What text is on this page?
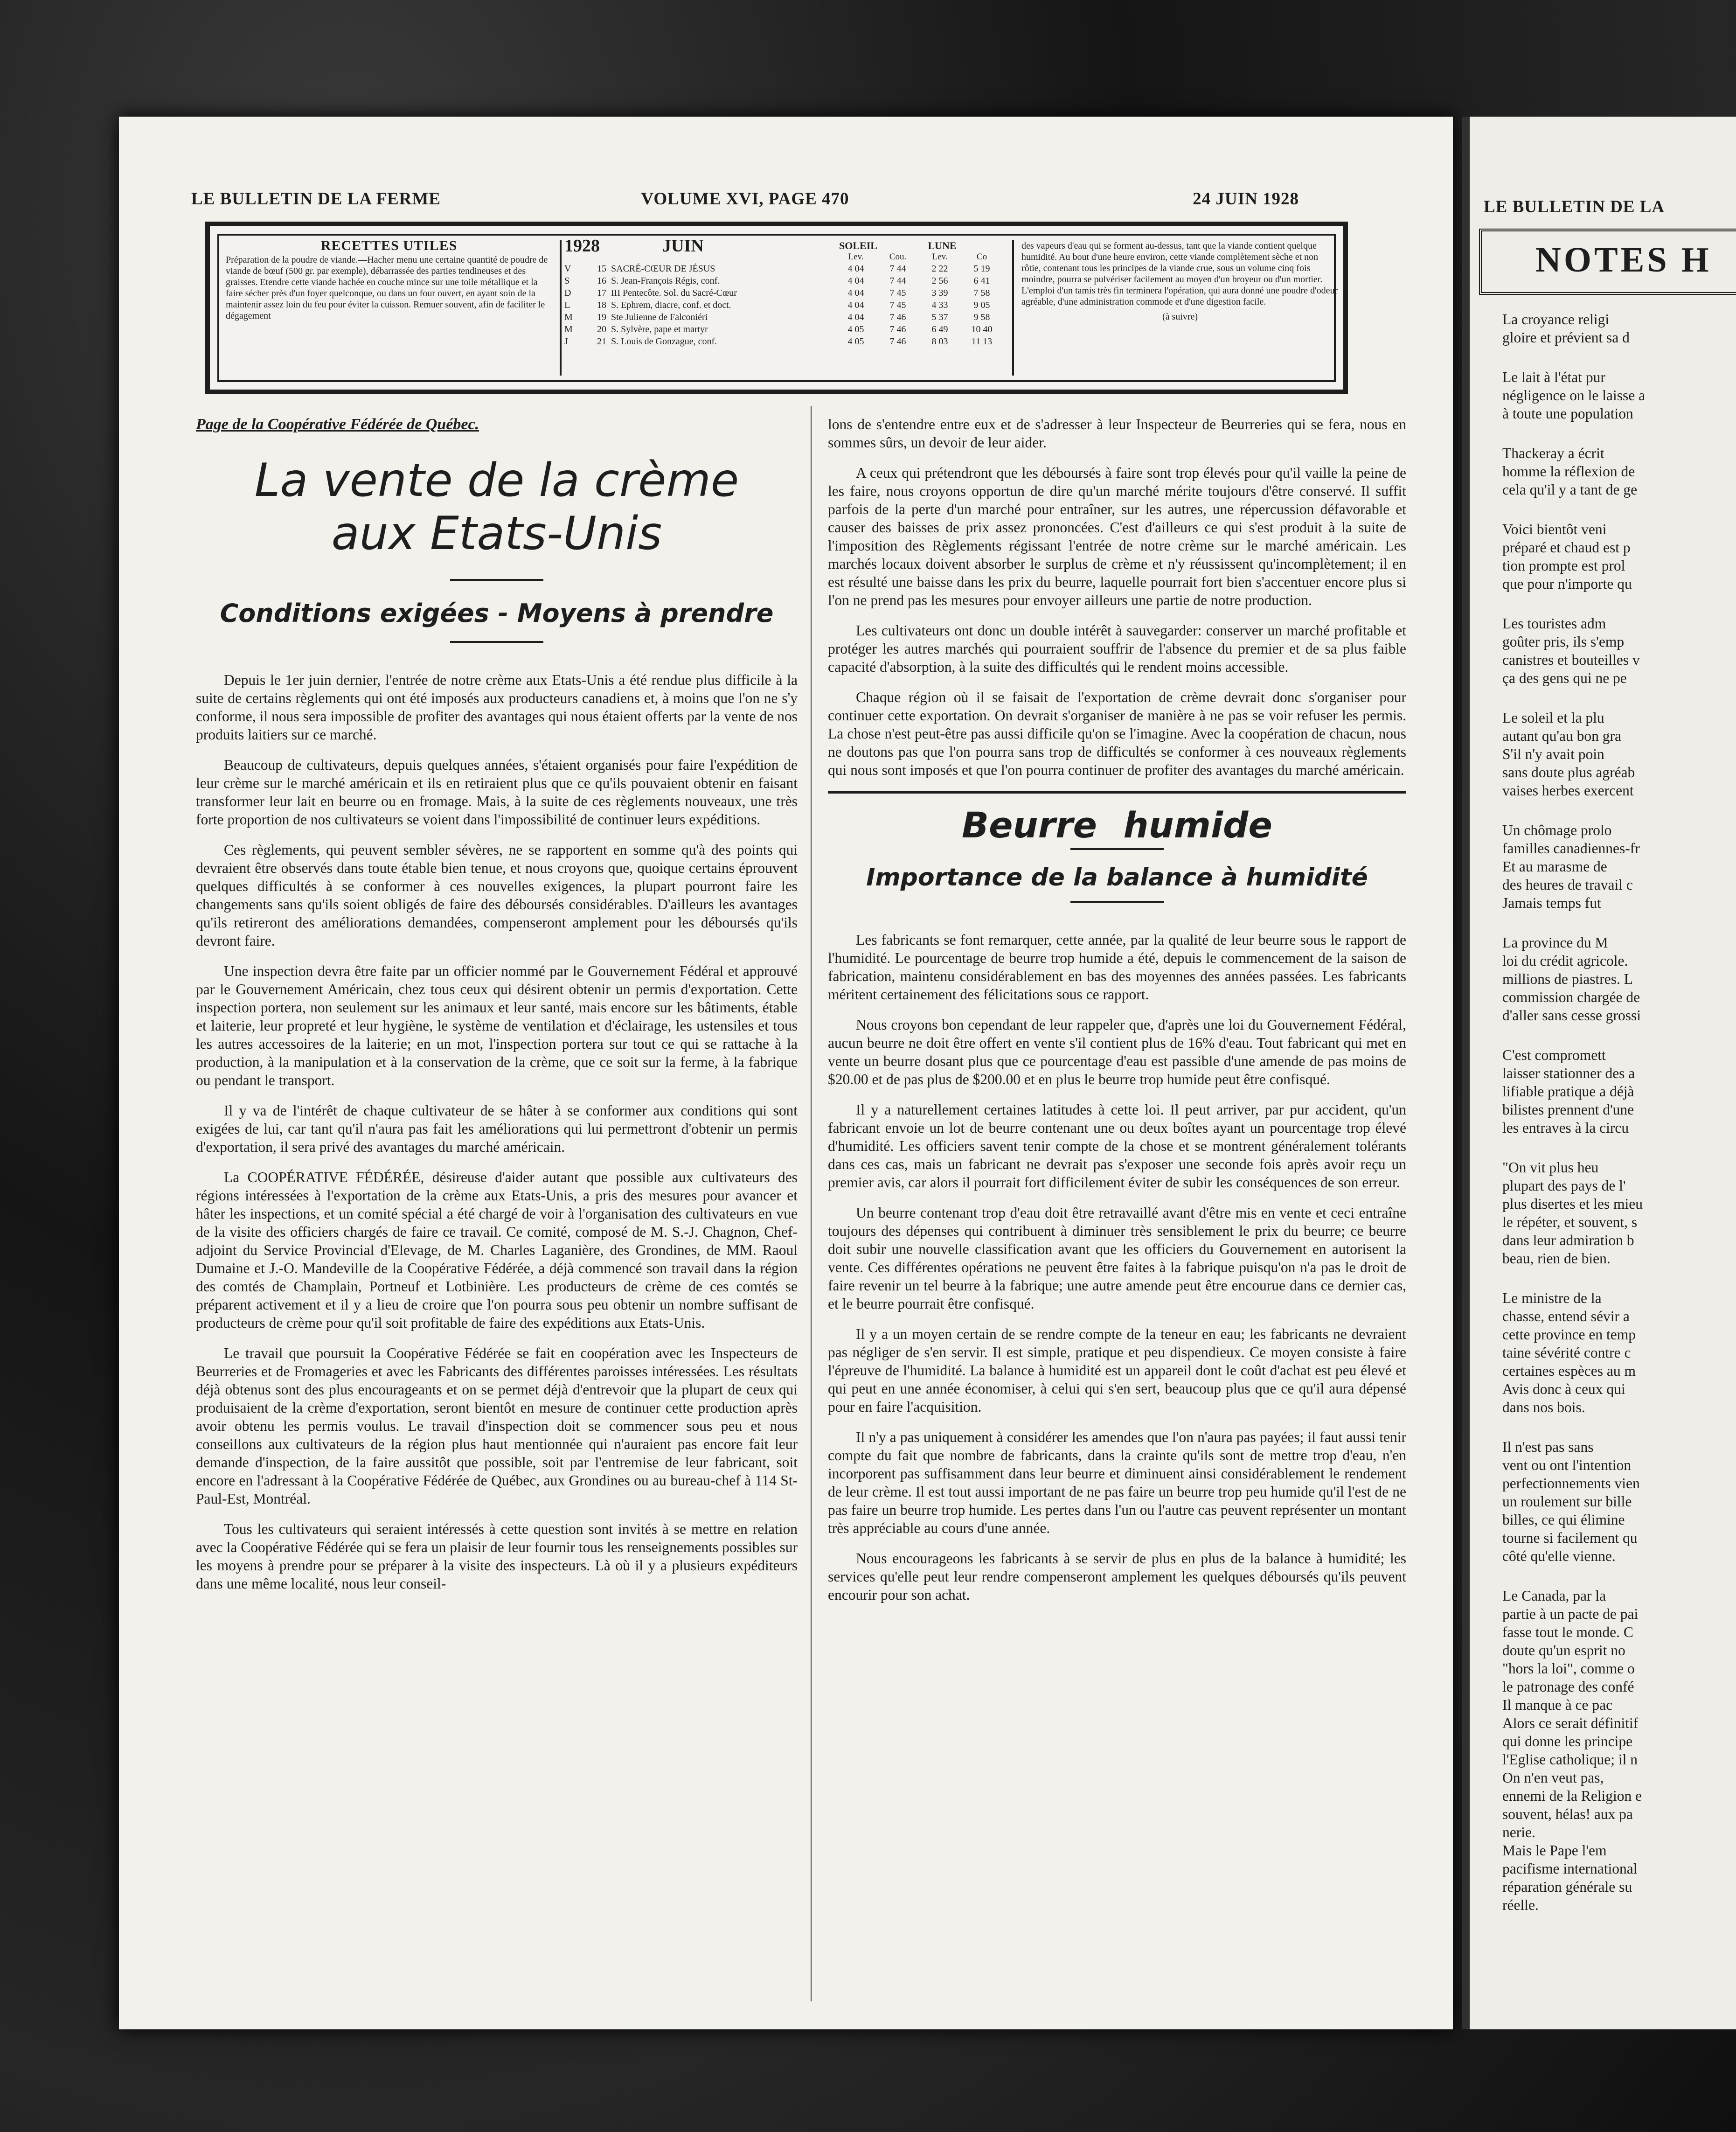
LE BULLETIN DE LA FERME	VOLUME XVI, PAGE 470	24 JUIN 1928
RECETTES UTILES
Préparation de la poudre de viande.—Hacher menu une certaine quantité de poudre de viande de bœuf (500 gr. par exemple), débarrassée des parties tendineuses et des graisses. Etendre cette viande hachée en couche mince sur une toile métallique et la faire sécher près d'un foyer quelconque, ou dans un four ouvert, en ayant soin de la maintenir assez loin du feu pour éviter la cuisson. Remuer souvent, afin de faciliter le dégagement
1928	JUIN	SOLEIL	LUNE
Lev.	Cou.	Lev.	Co
V	15 SACRÉ-CŒUR DE JÉSUS	4 04	7 44	2 22	5 19
S	16 S. Jean-François Régis, conf.	4 04	7 44	2 56	6 41
D	17 III Pentecôte. Sol. du Sacré-Cœur	4 04	7 45	3 39	7 58
L	18 S. Ephrem, diacre, conf. et doct.	4 04	7 45	4 33	9 05
M	19 Ste Julienne de Falconiéri	4 04	7 46	5 37	9 58
M	20 S. Sylvère, pape et martyr	4 05	7 46	6 49	10 40
J	21 S. Louis de Gonzague, conf.	4 05	7 46	8 03	11 13
des vapeurs d'eau qui se forment au-dessus, tant que la viande contient quelque humidité. Au bout d'une heure environ, cette viande complètement sèche et non rôtie, contenant tous les principes de la viande crue, sous un volume cinq fois moindre, pourra se pulvériser facilement au moyen d'un broyeur ou d'un mortier. L'emploi d'un tamis très fin terminera l'opération, qui aura donné une poudre d'odeur agréable, d'une administration commode et d'une digestion facile.
(à suivre)
Page de la Coopérative Fédérée de Québec.
La vente de la crème
aux Etats-Unis
Conditions exigées - Moyens à prendre

Depuis le 1er juin dernier, l'entrée de notre crème aux Etats-Unis a été rendue plus difficile à la suite de certains règlements qui ont été imposés aux producteurs canadiens et, à moins que l'on ne s'y conforme, il nous sera impossible de profiter des avantages qui nous étaient offerts par la vente de nos produits laitiers sur ce marché.

Beaucoup de cultivateurs, depuis quelques années, s'étaient organisés pour faire l'expédition de leur crème sur le marché américain et ils en retiraient plus que ce qu'ils pouvaient obtenir en faisant transformer leur lait en beurre ou en fromage. Mais, à la suite de ces règlements nouveaux, une très forte proportion de nos cultivateurs se voient dans l'impossibilité de continuer leurs expéditions.

Ces règlements, qui peuvent sembler sévères, ne se rapportent en somme qu'à des points qui devraient être observés dans toute étable bien tenue, et nous croyons que, quoique certains éprouvent quelques difficultés à se conformer à ces nouvelles exigences, la plupart pourront faire les changements sans qu'ils soient obligés de faire des déboursés considérables. D'ailleurs les avantages qu'ils retireront des améliorations demandées, compenseront amplement pour les déboursés qu'ils devront faire.

Une inspection devra être faite par un officier nommé par le Gouvernement Fédéral et approuvé par le Gouvernement Américain, chez tous ceux qui désirent obtenir un permis d'exportation. Cette inspection portera, non seulement sur les animaux et leur santé, mais encore sur les bâtiments, étable et laiterie, leur propreté et leur hygiène, le système de ventilation et d'éclairage, les ustensiles et tous les autres accessoires de la laiterie; en un mot, l'inspection portera sur tout ce qui se rattache à la production, à la manipulation et à la conservation de la crème, que ce soit sur la ferme, à la fabrique ou pendant le transport.

Il y va de l'intérêt de chaque cultivateur de se hâter à se conformer aux conditions qui sont exigées de lui, car tant qu'il n'aura pas fait les améliorations qui lui permettront d'obtenir un permis d'exportation, il sera privé des avantages du marché américain.

La COOPÉRATIVE FÉDÉRÉE, désireuse d'aider autant que possible aux cultivateurs des régions intéressées à l'exportation de la crème aux Etats-Unis, a pris des mesures pour avancer et hâter les inspections, et un comité spécial a été chargé de voir à l'organisation des cultivateurs en vue de la visite des officiers chargés de faire ce travail. Ce comité, composé de M. S.-J. Chagnon, Chef-adjoint du Service Provincial d'Elevage, de M. Charles Laganière, des Grondines, de MM. Raoul Dumaine et J.-O. Mandeville de la Coopérative Fédérée, a déjà commencé son travail dans la région des comtés de Champlain, Portneuf et Lotbinière. Les producteurs de crème de ces comtés se préparent activement et il y a lieu de croire que l'on pourra sous peu obtenir un nombre suffisant de producteurs de crème pour qu'il soit profitable de faire des expéditions aux Etats-Unis.

Le travail que poursuit la Coopérative Fédérée se fait en coopération avec les Inspecteurs de Beurreries et de Fromageries et avec les Fabricants des différentes paroisses intéressées. Les résultats déjà obtenus sont des plus encourageants et on se permet déjà d'entrevoir que la plupart de ceux qui produisaient de la crème d'exportation, seront bientôt en mesure de continuer cette production après avoir obtenu les permis voulus. Le travail d'inspection doit se commencer sous peu et nous conseillons aux cultivateurs de la région plus haut mentionnée qui n'auraient pas encore fait leur demande d'inspection, de la faire aussitôt que possible, soit par l'entremise de leur fabricant, soit encore en l'adressant à la Coopérative Fédérée de Québec, aux Grondines ou au bureau-chef à 114 St-Paul-Est, Montréal.

Tous les cultivateurs qui seraient intéressés à cette question sont invités à se mettre en relation avec la Coopérative Fédérée qui se fera un plaisir de leur fournir tous les renseignements possibles sur les moyens à prendre pour se préparer à la visite des inspecteurs. Là où il y a plusieurs expéditeurs dans une même localité, nous leur conseil-

lons de s'entendre entre eux et de s'adresser à leur Inspecteur de Beurreries qui se fera, nous en sommes sûrs, un devoir de leur aider.

A ceux qui prétendront que les déboursés à faire sont trop élevés pour qu'il vaille la peine de les faire, nous croyons opportun de dire qu'un marché mérite toujours d'être conservé. Il suffit parfois de la perte d'un marché pour entraîner, sur les autres, une répercussion défavorable et causer des baisses de prix assez prononcées. C'est d'ailleurs ce qui s'est produit à la suite de l'imposition des Règlements régissant l'entrée de notre crème sur le marché américain. Les marchés locaux doivent absorber le surplus de crème et n'y réussissent qu'incomplètement; il en est résulté une baisse dans les prix du beurre, laquelle pourrait fort bien s'accentuer encore plus si l'on ne prend pas les mesures pour envoyer ailleurs une partie de notre production.

Les cultivateurs ont donc un double intérêt à sauvegarder: conserver un marché profitable et protéger les autres marchés qui pourraient souffrir de l'absence du premier et de sa plus faible capacité d'absorption, à la suite des difficultés qui le rendent moins accessible.

Chaque région où il se faisait de l'exportation de crème devrait donc s'organiser pour continuer cette exportation. On devrait s'organiser de manière à ne pas se voir refuser les permis. La chose n'est peut-être pas aussi difficile qu'on se l'imagine. Avec la coopération de chacun, nous ne doutons pas que l'on pourra sans trop de difficultés se conformer à ces nouveaux règlements qui nous sont imposés et que l'on pourra continuer de profiter des avantages du marché américain.

Beurre humide
Importance de la balance à humidité

Les fabricants se font remarquer, cette année, par la qualité de leur beurre sous le rapport de l'humidité. Le pourcentage de beurre trop humide a été, depuis le commencement de la saison de fabrication, maintenu considérablement en bas des moyennes des années passées. Les fabricants méritent certainement des félicitations sous ce rapport.

Nous croyons bon cependant de leur rappeler que, d'après une loi du Gouvernement Fédéral, aucun beurre ne doit être offert en vente s'il contient plus de 16% d'eau. Tout fabricant qui met en vente un beurre dosant plus que ce pourcentage d'eau est passible d'une amende de pas moins de $20.00 et de pas plus de $200.00 et en plus le beurre trop humide peut être confisqué.

Il y a naturellement certaines latitudes à cette loi. Il peut arriver, par pur accident, qu'un fabricant envoie un lot de beurre contenant une ou deux boîtes ayant un pourcentage trop élevé d'humidité. Les officiers savent tenir compte de la chose et se montrent généralement tolérants dans ces cas, mais un fabricant ne devrait pas s'exposer une seconde fois après avoir reçu un premier avis, car alors il pourrait fort difficilement éviter de subir les conséquences de son erreur.

Un beurre contenant trop d'eau doit être retravaillé avant d'être mis en vente et ceci entraîne toujours des dépenses qui contribuent à diminuer très sensiblement le prix du beurre; ce beurre doit subir une nouvelle classification avant que les officiers du Gouvernement en autorisent la vente. Ces différentes opérations ne peuvent être faites à la fabrique puisqu'on n'a pas le droit de faire revenir un tel beurre à la fabrique; une autre amende peut être encourue dans ce dernier cas, et le beurre pourrait être confisqué.

Il y a un moyen certain de se rendre compte de la teneur en eau; les fabricants ne devraient pas négliger de s'en servir. Il est simple, pratique et peu dispendieux. Ce moyen consiste à faire l'épreuve de l'humidité. La balance à humidité est un appareil dont le coût d'achat est peu élevé et qui peut en une année économiser, à celui qui s'en sert, beaucoup plus que ce qu'il aura dépensé pour en faire l'acquisition.

Il n'y a pas uniquement à considérer les amendes que l'on n'aura pas payées; il faut aussi tenir compte du fait que nombre de fabricants, dans la crainte qu'ils sont de mettre trop d'eau, n'en incorporent pas suffisamment dans leur beurre et diminuent ainsi considérablement le rendement de leur crème. Il est tout aussi important de ne pas faire un beurre trop peu humide qu'il l'est de ne pas faire un beurre trop humide. Les pertes dans l'un ou l'autre cas peuvent représenter un montant très appréciable au cours d'une année.

Nous encourageons les fabricants à se servir de plus en plus de la balance à humidité; les services qu'elle peut leur rendre compenseront amplement les quelques déboursés qu'ils peuvent encourir pour son achat.

LE BULLETIN DE LA
NOTES H

La croyance religi
gloire et prévient sa d

Le lait à l'état pur
négligence on le laisse a
à toute une population

Thackeray a écrit
homme la réflexion de
cela qu'il y a tant de ge

Voici bientôt veni
préparé et chaud est p
tion prompte est prol
que pour n'importe qu

Les touristes adm
goûter pris, ils s'emp
canistres et bouteilles v
ça des gens qui ne pe

Le soleil et la plu
autant qu'au bon gra
S'il n'y avait poin
sans doute plus agréab
vaises herbes exercent

Un chômage prolo
familles canadiennes-fr
Et au marasme de
des heures de travail c
Jamais temps fut

La province du M
loi du crédit agricole.
millions de piastres. L
commission chargée de
d'aller sans cesse grossi

C'est compromett
laisser stationner des a
lifiable pratique a déjà
bilistes prennent d'une
les entraves à la circu

"On vit plus heu
plupart des pays de l'
plus disertes et les mieu
le répéter, et souvent, s
dans leur admiration b
beau, rien de bien.

Le ministre de la
chasse, entend sévir a
cette province en temp
taine sévérité contre c
certaines espèces au m
Avis donc à ceux qui
dans nos bois.

Il n'est pas sans
vent ou ont l'intention
perfectionnements vien
un roulement sur bille
billes, ce qui élimine
tourne si facilement qu
côté qu'elle vienne.

Le Canada, par la
partie à un pacte de pai
fasse tout le monde. C
doute qu'un esprit no
"hors la loi", comme o
le patronage des confé
Il manque à ce pac
Alors ce serait définitif
qui donne les principe
l'Eglise catholique; il n
On n'en veut pas,
ennemi de la Religion e
souvent, hélas! aux pa
nerie.
Mais le Pape l'em
pacifisme international
réparation générale su
réelle.
